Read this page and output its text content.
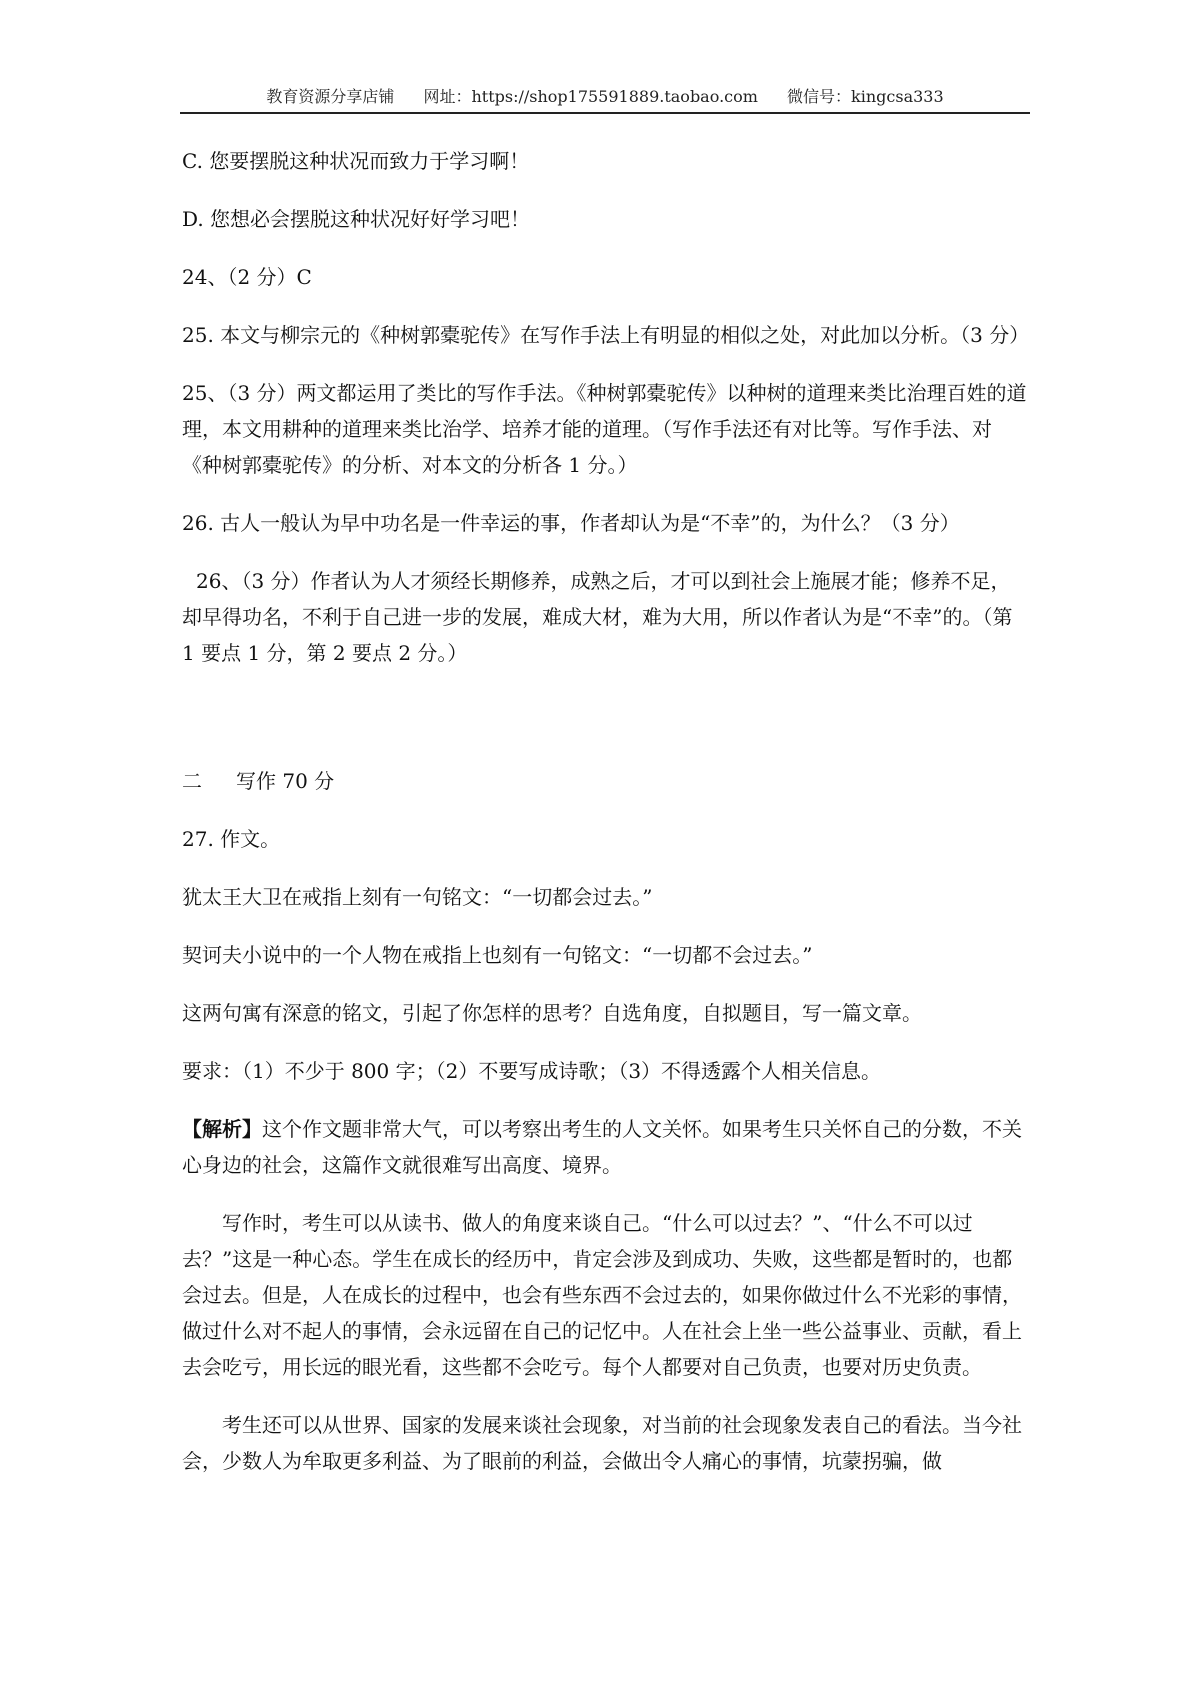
教育资源分享店铺 网址：https://shop175591889.taobao.com 微信号：kingcsa333

C. 您要摆脱这种状况而致力于学习啊！

D. 您想必会摆脱这种状况好好学习吧！

24、（2 分）C

25. 本文与柳宗元的《种树郭橐驼传》在写作手法上有明显的相似之处，对此加以分析。（3 分）

25、（3 分）两文都运用了类比的写作手法。《种树郭橐驼传》以种树的道理来类比治理百姓的道理，本文用耕种的道理来类比治学、培养才能的道理。（写作手法还有对比等。写作手法、对《种树郭橐驼传》的分析、对本文的分析各 1 分。）

26. 古人一般认为早中功名是一件幸运的事，作者却认为是“不幸”的，为什么？（3 分）

26、（3 分）作者认为人才须经长期修养，成熟之后，才可以到社会上施展才能；修养不足，却早得功名，不利于自己进一步的发展，难成大材，难为大用，所以作者认为是“不幸”的。（第 1 要点 1 分，第 2 要点 2 分。）

二 写作 70 分

27. 作文。

犹太王大卫在戒指上刻有一句铭文：“一切都会过去。”

契诃夫小说中的一个人物在戒指上也刻有一句铭文：“一切都不会过去。”

这两句寓有深意的铭文，引起了你怎样的思考？自选角度，自拟题目，写一篇文章。

要求：（1）不少于 800 字；（2）不要写成诗歌；（3）不得透露个人相关信息。

【解析】这个作文题非常大气，可以考察出考生的人文关怀。如果考生只关怀自己的分数，不关心身边的社会，这篇作文就很难写出高度、境界。

写作时，考生可以从读书、做人的角度来谈自己。“什么可以过去？”、“什么不可以过去？”这是一种心态。学生在成长的经历中，肯定会涉及到成功、失败，这些都是暂时的，也都会过去。但是，人在成长的过程中，也会有些东西不会过去的，如果你做过什么不光彩的事情，做过什么对不起人的事情，会永远留在自己的记忆中。人在社会上坐一些公益事业、贡献，看上去会吃亏，用长远的眼光看，这些都不会吃亏。每个人都要对自己负责，也要对历史负责。

考生还可以从世界、国家的发展来谈社会现象，对当前的社会现象发表自己的看法。当今社会，少数人为牟取更多利益、为了眼前的利益，会做出令人痛心的事情，坑蒙拐骗，做
